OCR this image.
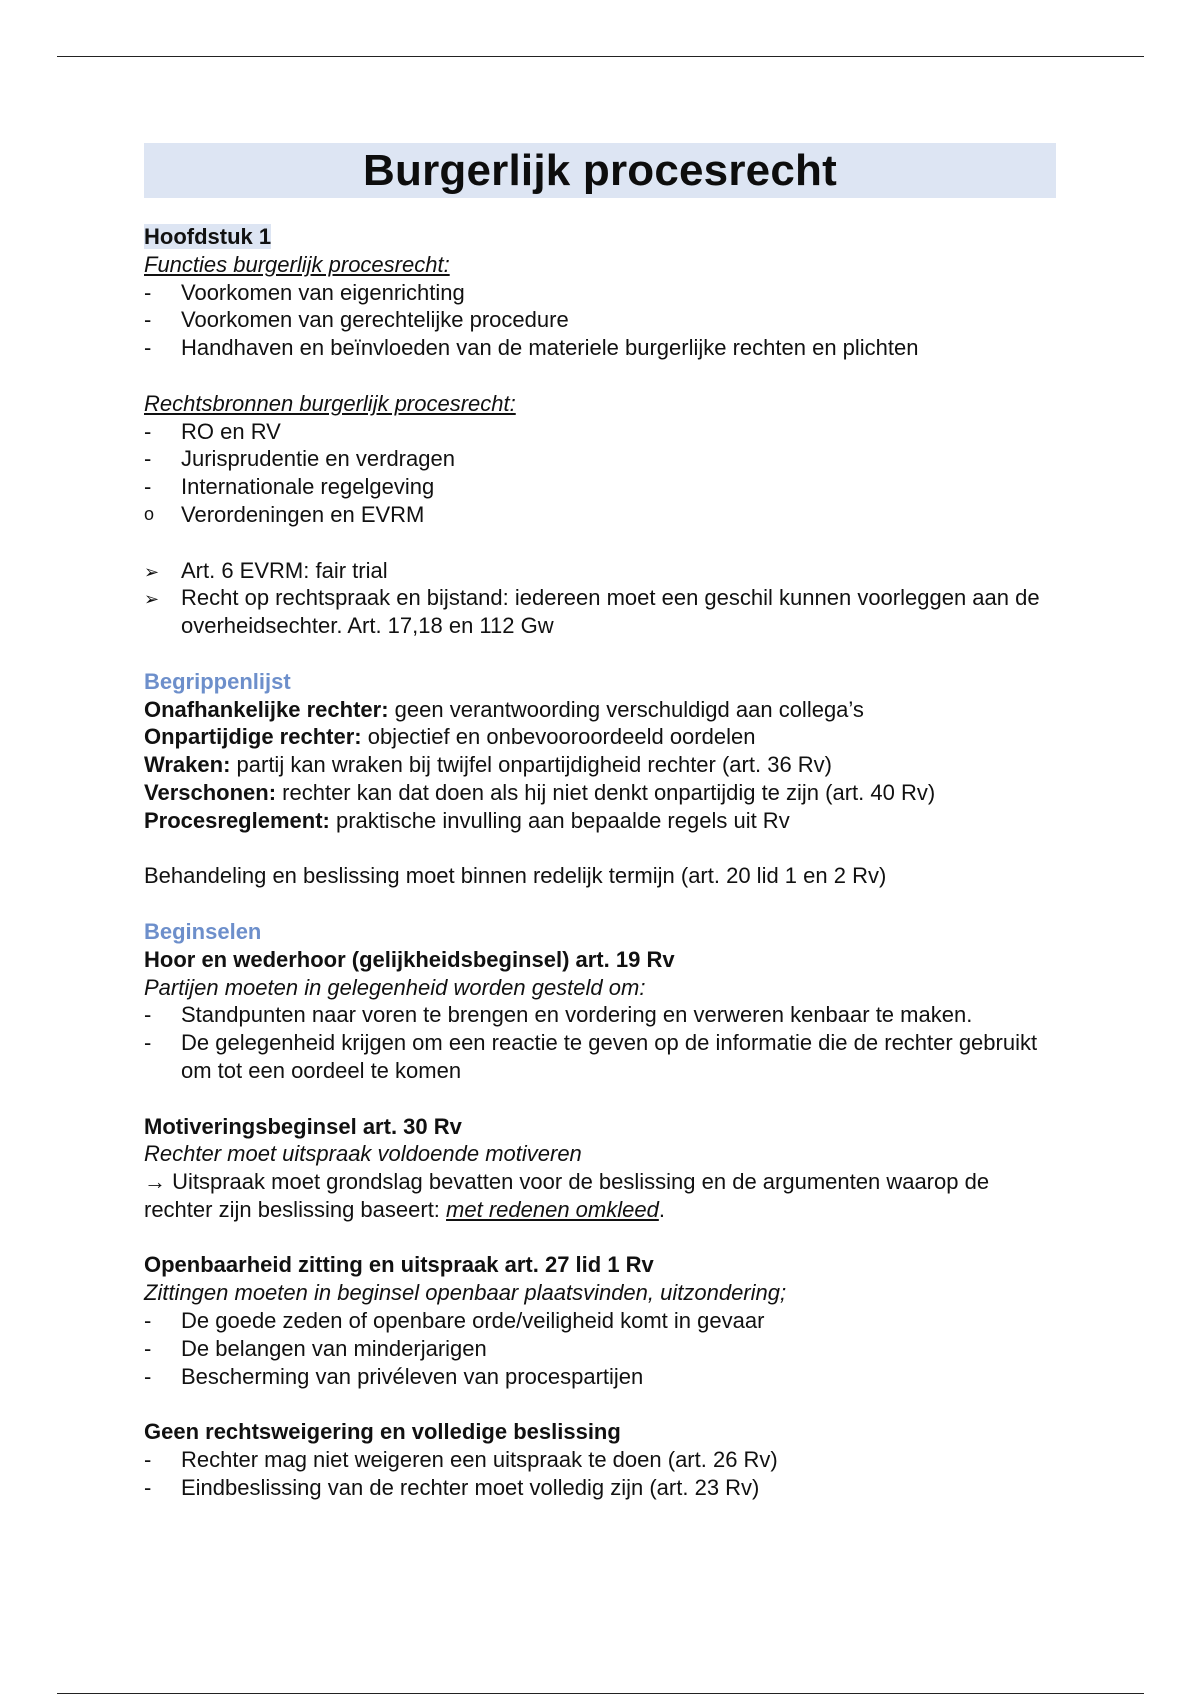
Burgerlijk procesrecht

Hoofdstuk 1

Functies burgerlijk procesrecht:

-
Voorkomen van eigenrichting
-
Voorkomen van gerechtelijke procedure
-
Handhaven en beïnvloeden van de materiele burgerlijke rechten en plichten

Rechtsbronnen burgerlijk procesrecht:

-
RO en RV
-
Jurisprudentie en verdragen
-
Internationale regelgeving
o
Verordeningen en EVRM
➢
Art. 6 EVRM: fair trial
➢
Recht op rechtspraak en bijstand: iedereen moet een geschil kunnen voorleggen aan de overheidsechter. Art. 17,18 en 112 Gw

Begrippenlijst

Onafhankelijke rechter: geen verantwoording verschuldigd aan collega’s

Onpartijdige rechter: objectief en onbevooroordeeld oordelen

Wraken: partij kan wraken bij twijfel onpartijdigheid rechter (art. 36 Rv)

Verschonen: rechter kan dat doen als hij niet denkt onpartijdig te zijn (art. 40 Rv)

Procesreglement: praktische invulling aan bepaalde regels uit Rv

Behandeling en beslissing moet binnen redelijk termijn (art. 20 lid 1 en 2 Rv)

Beginselen

Hoor en wederhoor (gelijkheidsbeginsel) art. 19 Rv

Partijen moeten in gelegenheid worden gesteld om:

-
Standpunten naar voren te brengen en vordering en verweren kenbaar te maken.
-
De gelegenheid krijgen om een reactie te geven op de informatie die de rechter gebruikt om tot een oordeel te komen

Motiveringsbeginsel art. 30 Rv

Rechter moet uitspraak voldoende motiveren

→ Uitspraak moet grondslag bevatten voor de beslissing en de argumenten waarop de rechter zijn beslissing baseert: met redenen omkleed.

Openbaarheid zitting en uitspraak art. 27 lid 1 Rv

Zittingen moeten in beginsel openbaar plaatsvinden, uitzondering;

-
De goede zeden of openbare orde/veiligheid komt in gevaar
-
De belangen van minderjarigen
-
Bescherming van privéleven van procespartijen

Geen rechtsweigering en volledige beslissing

-
Rechter mag niet weigeren een uitspraak te doen (art. 26 Rv)
-
Eindbeslissing van de rechter moet volledig zijn (art. 23 Rv)
